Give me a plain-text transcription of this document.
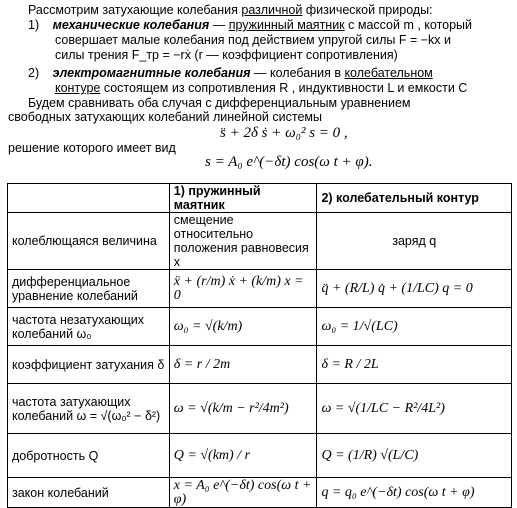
Рассмотрим затухающие колебания различной физической природы:
1) механические колебания — пружинный маятник с массой m , который
совершает малые колебания под действием упругой силы F = −kx и
силы трения F_тр = −rẋ (r — коэффициент сопротивления)
2) электромагнитные колебания — колебания в колебательном
контуре состоящем из сопротивления R , индуктивности L и емкости C
Будем сравнивать оба случая с дифференциальным уравнением
свободных затухающих колебаний линейной системы
s̈ + 2δ ṡ + ω₀² s = 0 ,
решение которого имеет вид
s = A₀ e^(−δt) cos(ω t + φ).
	1) пружинный маятник	2) колебательный контур
колеблющаяся величина	смещение относительно положения равновесия x	заряд q
дифференциальное уравнение колебаний	ẍ + (r/m) ẋ + (k/m) x = 0	q̈ + (R/L) q̇ + (1/LC) q = 0
частота незатухающих колебаний ω₀	ω₀ = √(k/m)	ω₀ = 1/√(LC)
коэффициент затухания δ	δ = r / 2m	δ = R / 2L
частота затухающих колебаний ω = √(ω₀² − δ²)	ω = √(k/m − r²/4m²)	ω = √(1/LC − R²/4L²)
добротность Q	Q = √(km) / r	Q = (1/R) √(L/C)
закон колебаний	x = A₀ e^(−δt) cos(ω t + φ)	q = q₀ e^(−δt) cos(ω t + φ)
